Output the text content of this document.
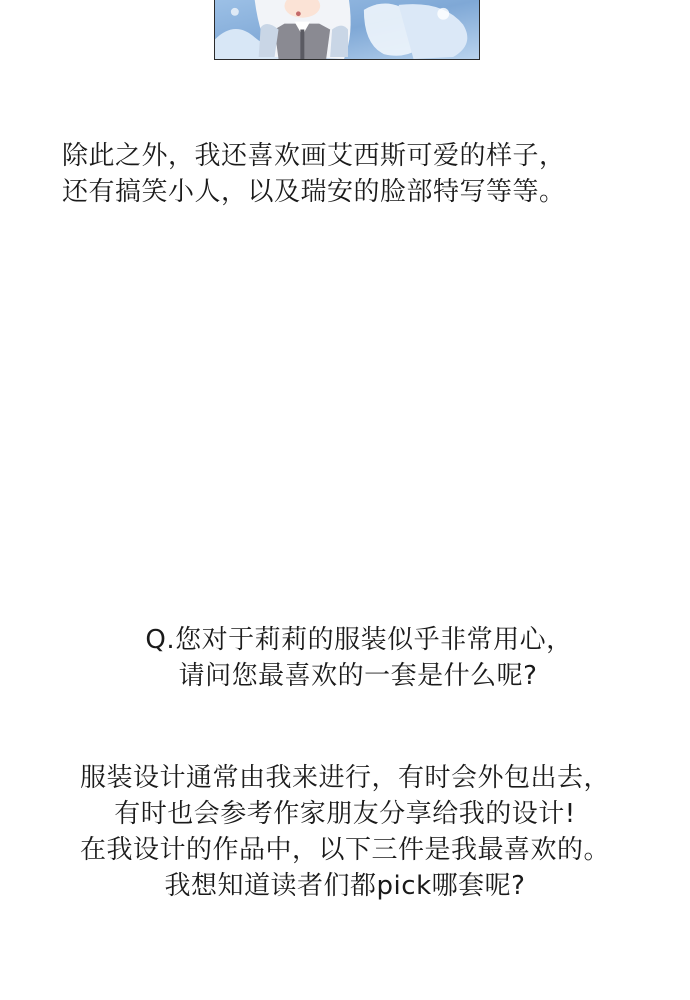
除此之外，我还喜欢画艾西斯可爱的样子，
还有搞笑小人，以及瑞安的脸部特写等等。
Q.您对于莉莉的服装似乎非常用心，
请问您最喜欢的一套是什么呢?
服装设计通常由我来进行，有时会外包出去，
有时也会参考作家朋友分享给我的设计!
在我设计的作品中，以下三件是我最喜欢的。
我想知道读者们都pick哪套呢?
